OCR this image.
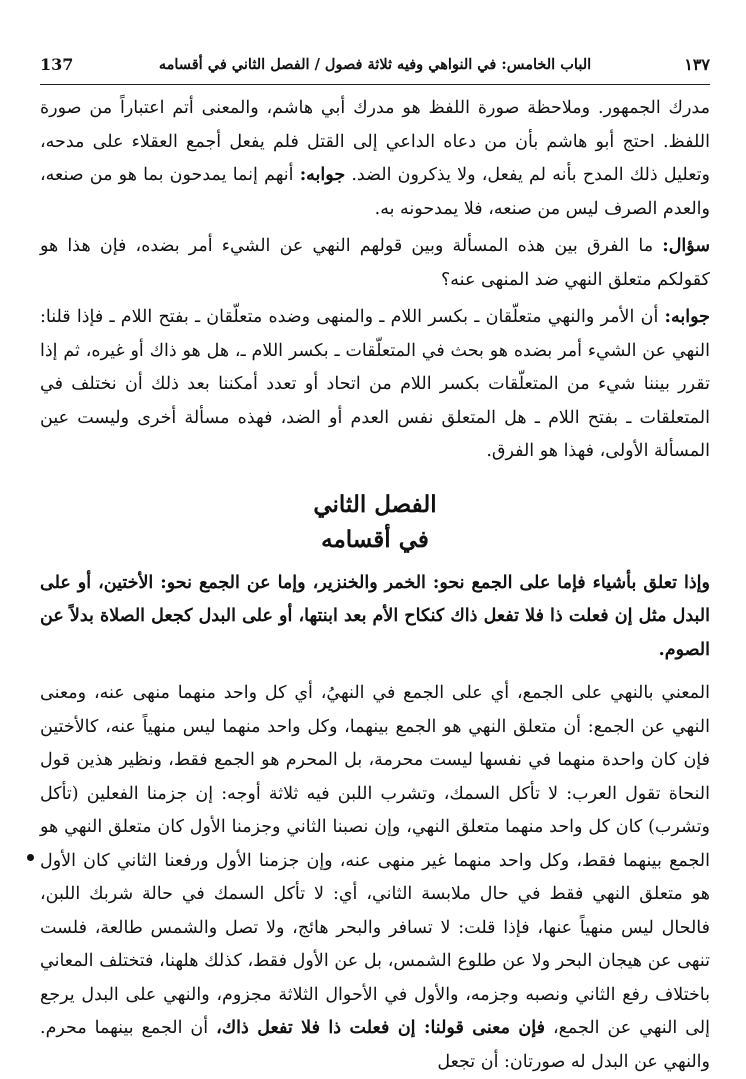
١٣٧
الباب الخامس: في النواهي وفيه ثلاثة فصول / الفصل الثاني في أقسامه
137

مدرك الجمهور. وملاحظة صورة اللفظ هو مدرك أبي هاشم، والمعنى أتم اعتباراً من صورة اللفظ. احتج أبو هاشم بأن من دعاه الداعي إلى القتل فلم يفعل أجمع العقلاء على مدحه، وتعليل ذلك المدح بأنه لم يفعل، ولا يذكرون الضد. جوابه: أنهم إنما يمدحون بما هو من صنعه، والعدم الصرف ليس من صنعه، فلا يمدحونه به.

سؤال: ما الفرق بين هذه المسألة وبين قولهم النهي عن الشيء أمر بضده، فإن هذا هو كقولكم متعلق النهي ضد المنهى عنه؟

جوابه: أن الأمر والنهي متعلّقان ـ بكسر اللام ـ والمنهى وضده متعلّقان ـ بفتح اللام ـ فإذا قلنا: النهي عن الشيء أمر بضده هو بحث في المتعلّقات ـ بكسر اللام ـ، هل هو ذاك أو غيره، ثم إذا تقرر بيننا شيء من المتعلّقات بكسر اللام من اتحاد أو تعدد أمكننا بعد ذلك أن نختلف في المتعلقات ـ بفتح اللام ـ هل المتعلق نفس العدم أو الضد، فهذه مسألة أخرى وليست عين المسألة الأولى، فهذا هو الفرق.

الفصل الثاني
في أقسامه

وإذا تعلق بأشياء فإما على الجمع نحو: الخمر والخنزير، وإما عن الجمع نحو: الأختين، أو على البدل مثل إن فعلت ذا فلا تفعل ذاك كنكاح الأم بعد ابنتها، أو على البدل كجعل الصلاة بدلاً عن الصوم.

المعني بالنهي على الجمع، أي على الجمع في النهيُ، أي كل واحد منهما منهى عنه، ومعنى النهي عن الجمع: أن متعلق النهي هو الجمع بينهما، وكل واحد منهما ليس منهياً عنه، كالأختين فإن كان واحدة منهما في نفسها ليست محرمة، بل المحرم هو الجمع فقط، ونظير هذين قول النحاة تقول العرب: لا تأكل السمك، وتشرب اللبن فيه ثلاثة أوجه: إن جزمنا الفعلين (تأكل وتشرب) كان كل واحد منهما متعلق النهي، وإن نصبنا الثاني وجزمنا الأول كان متعلق النهي هو الجمع بينهما فقط، وكل واحد منهما غير منهى عنه، وإن جزمنا الأول ورفعنا الثاني كان الأول هو متعلق النهي فقط في حال ملابسة الثاني، أي: لا تأكل السمك في حالة شربك اللبن، فالحال ليس منهياً عنها، فإذا قلت: لا تسافر والبحر هائج، ولا تصل والشمس طالعة، فلست تنهى عن هيجان البحر ولا عن طلوع الشمس، بل عن الأول فقط، كذلك هلهنا، فتختلف المعاني باختلاف رفع الثاني ونصبه وجزمه، والأول في الأحوال الثلاثة مجزوم، والنهي على البدل يرجع إلى النهي عن الجمع، فإن معنى قولنا: إن فعلت ذا فلا تفعل ذاك، أن الجمع بينهما محرم. والنهي عن البدل له صورتان: أن تجعل
